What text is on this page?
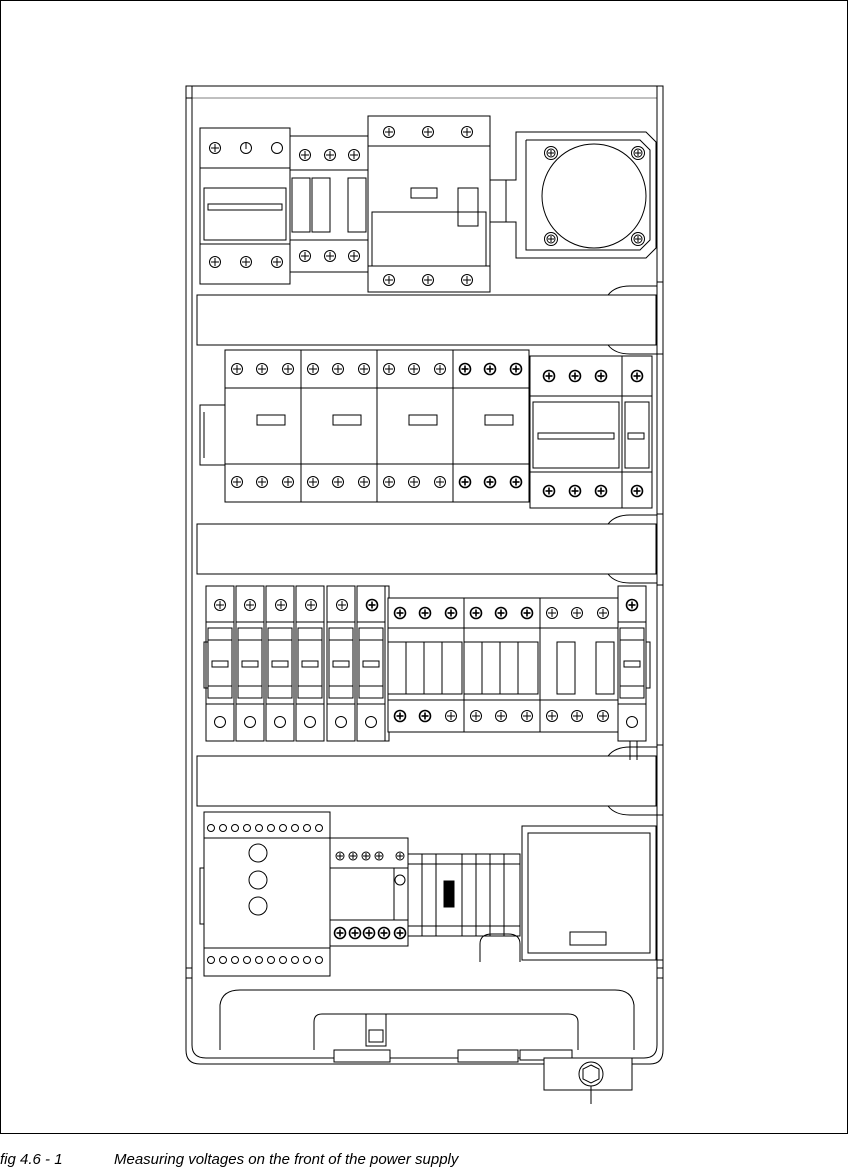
fig 4.6 - 1	Measuring voltages on the front of the power supply
